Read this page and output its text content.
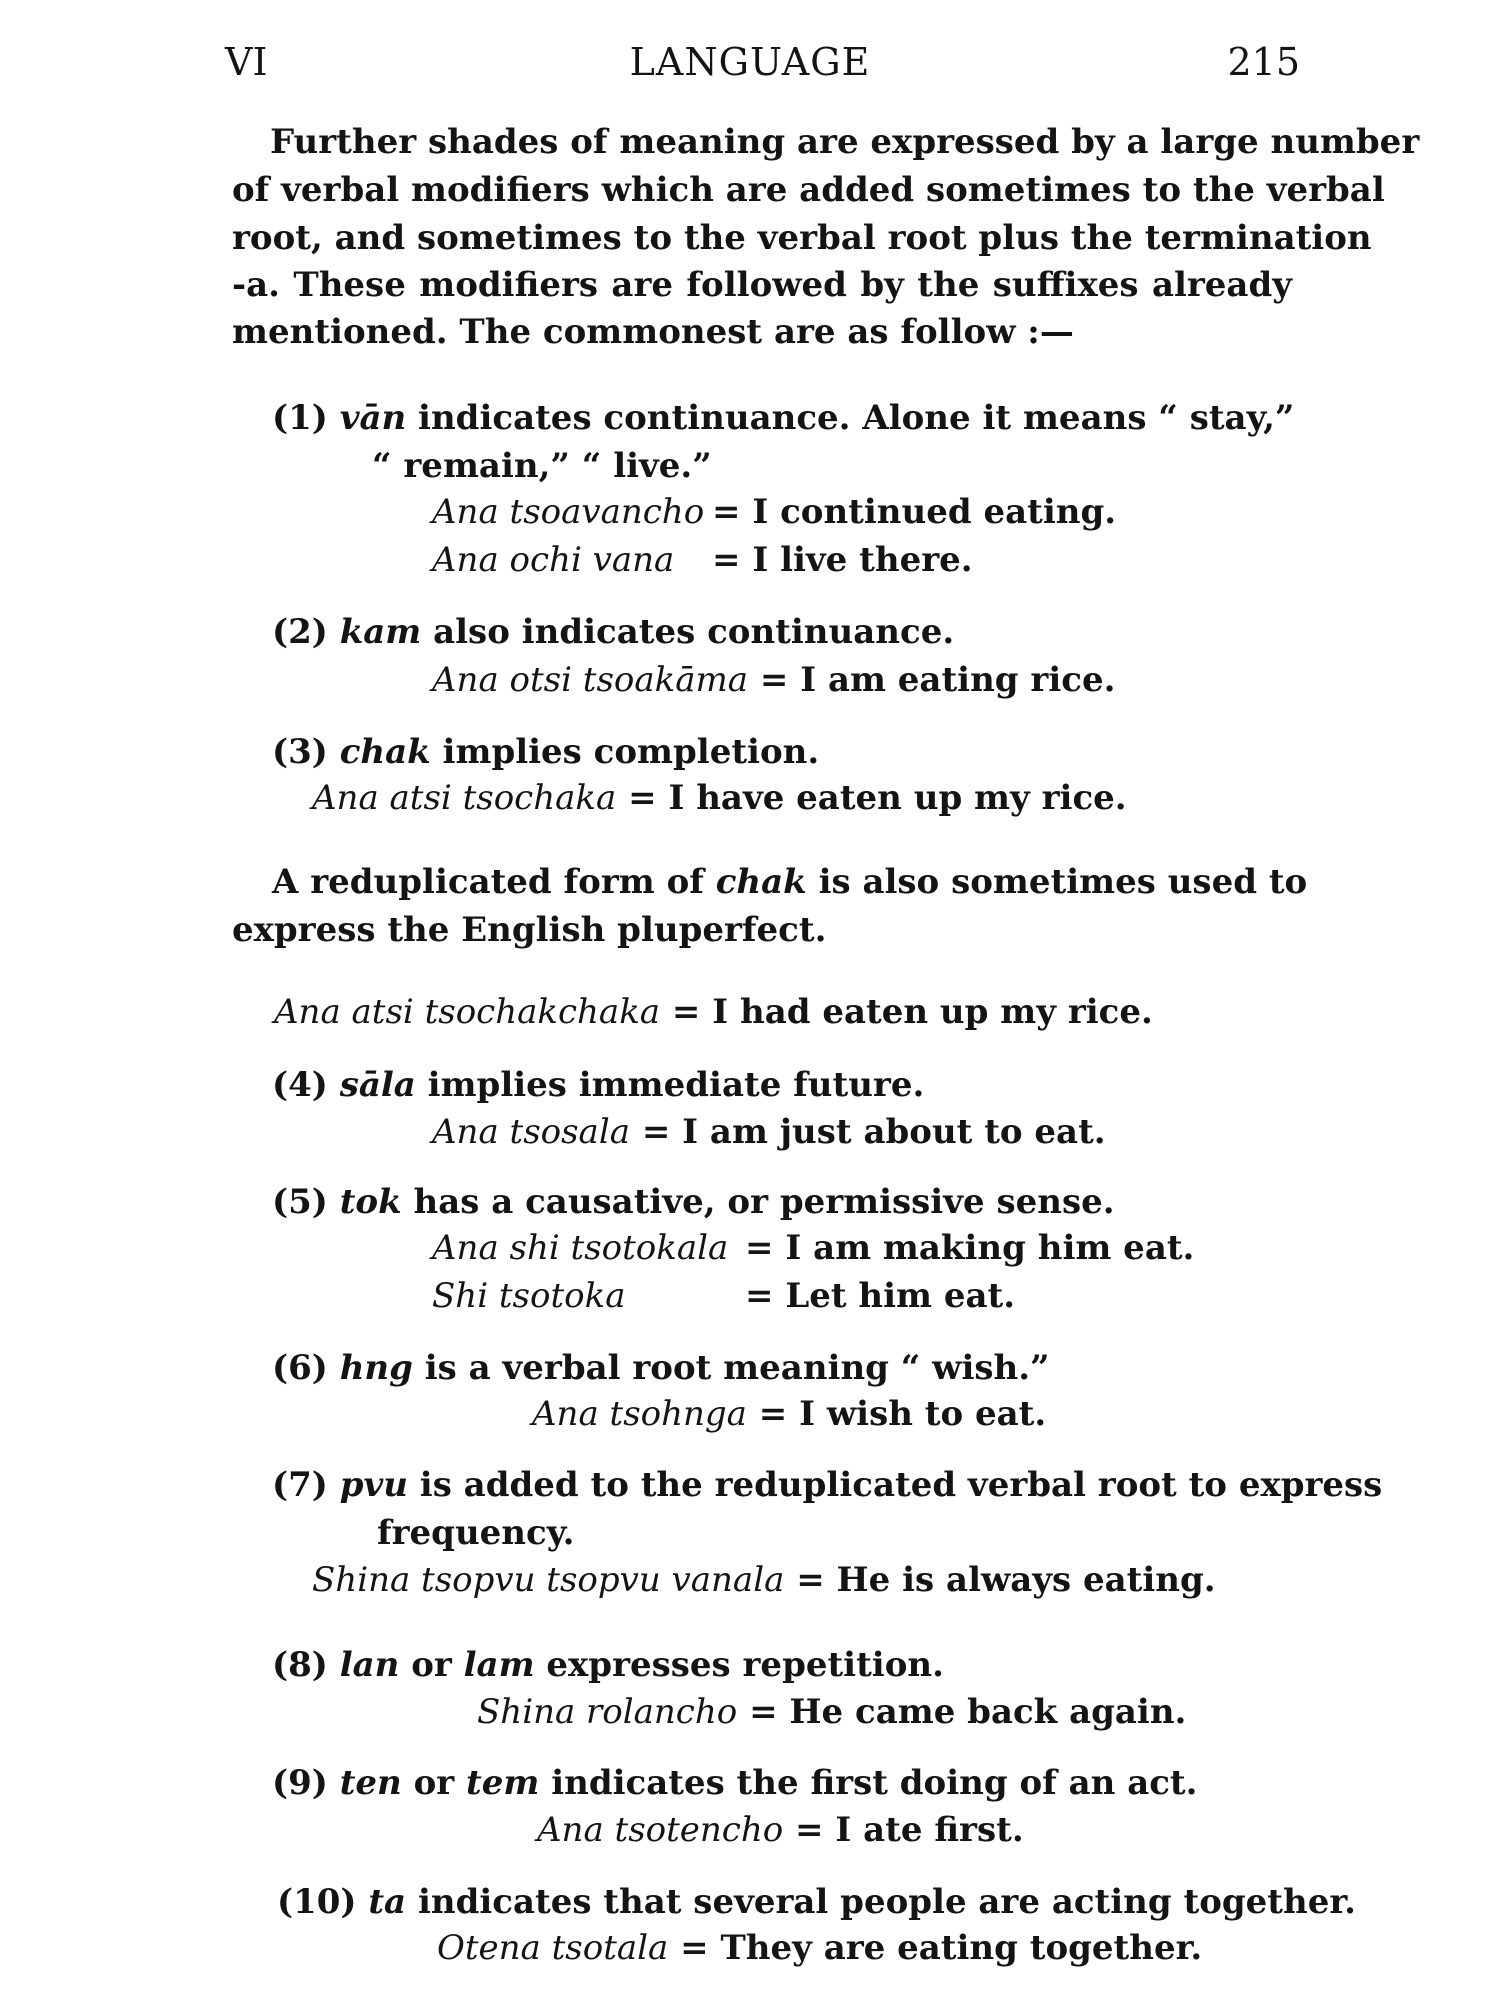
VI	LANGUAGE	215
Further shades of meaning are expressed by a large number
of verbal modifiers which are added sometimes to the verbal
root, and sometimes to the verbal root plus the termination
-a. These modifiers are followed by the suffixes already
mentioned. The commonest are as follow :—
(1) vān indicates continuance. Alone it means “ stay,”
“ remain,” “ live.”
Ana tsoavancho = I continued eating.
Ana ochi vana = I live there.
(2) kam also indicates continuance.
Ana otsi tsoakāma = I am eating rice.
(3) chak implies completion.
Ana atsi tsochaka = I have eaten up my rice.
A reduplicated form of chak is also sometimes used to
express the English pluperfect.
Ana atsi tsochakchaka = I had eaten up my rice.
(4) sāla implies immediate future.
Ana tsosala = I am just about to eat.
(5) tok has a causative, or permissive sense.
Ana shi tsotokala = I am making him eat.
Shi tsotoka	= Let him eat.
(6) hng is a verbal root meaning “ wish.”
Ana tsohnga = I wish to eat.
(7) pvu is added to the reduplicated verbal root to express
frequency.
Shina tsopvu tsopvu vanala = He is always eating.
(8) lan or lam expresses repetition.
Shina rolancho = He came back again.
(9) ten or tem indicates the first doing of an act.
Ana tsotencho = I ate first.
(10) ta indicates that several people are acting together.
Otena tsotala = They are eating together.
